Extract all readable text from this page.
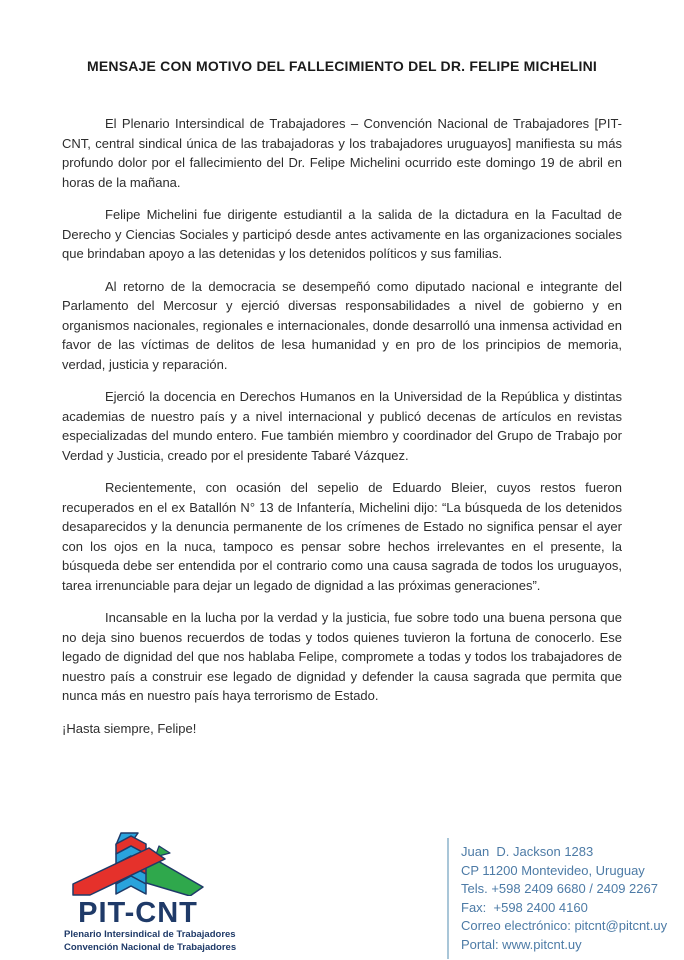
MENSAJE CON MOTIVO DEL FALLECIMIENTO DEL DR. FELIPE MICHELINI

El Plenario Intersindical de Trabajadores – Convención Nacional de Trabajadores [PIT-CNT, central sindical única de las trabajadoras y los trabajadores uruguayos] manifiesta su más profundo dolor por el fallecimiento del Dr. Felipe Michelini ocurrido este domingo 19 de abril en horas de la mañana.

Felipe Michelini fue dirigente estudiantil a la salida de la dictadura en la Facultad de Derecho y Ciencias Sociales y participó desde antes activamente en las organizaciones sociales que brindaban apoyo a las detenidas y los detenidos políticos y sus familias.

Al retorno de la democracia se desempeñó como diputado nacional e integrante del Parlamento del Mercosur y ejerció diversas responsabilidades a nivel de gobierno y en organismos nacionales, regionales e internacionales, donde desarrolló una inmensa actividad en favor de las víctimas de delitos de lesa humanidad y en pro de los principios de memoria, verdad, justicia y reparación.

Ejerció la docencia en Derechos Humanos en la Universidad de la República y distintas academias de nuestro país y a nivel internacional y publicó decenas de artículos en revistas especializadas del mundo entero. Fue también miembro y coordinador del Grupo de Trabajo por Verdad y Justicia, creado por el presidente Tabaré Vázquez.

Recientemente, con ocasión del sepelio de Eduardo Bleier, cuyos restos fueron recuperados en el ex Batallón N° 13 de Infantería, Michelini dijo: “La búsqueda de los detenidos desaparecidos y la denuncia permanente de los crímenes de Estado no significa pensar el ayer con los ojos en la nuca, tampoco es pensar sobre hechos irrelevantes en el presente, la búsqueda debe ser entendida por el contrario como una causa sagrada de todos los uruguayos, tarea irrenunciable para dejar un legado de dignidad a las próximas generaciones”.

Incansable en la lucha por la verdad y la justicia, fue sobre todo una buena persona que no deja sino buenos recuerdos de todas y todos quienes tuvieron la fortuna de conocerlo. Ese legado de dignidad del que nos hablaba Felipe, compromete a todas y todos los trabajadores de nuestro país a construir ese legado de dignidad y defender la causa sagrada que permita que nunca más en nuestro país haya terrorismo de Estado.

¡Hasta siempre, Felipe!

PIT-CNT
Plenario Intersindical de Trabajadores
Convención Nacional de Trabajadores
Juan  D. Jackson 1283
CP 11200 Montevideo, Uruguay
Tels. +598 2409 6680 / 2409 2267
Fax:  +598 2400 4160
Correo electrónico: pitcnt@pitcnt.uy
Portal: www.pitcnt.uy
